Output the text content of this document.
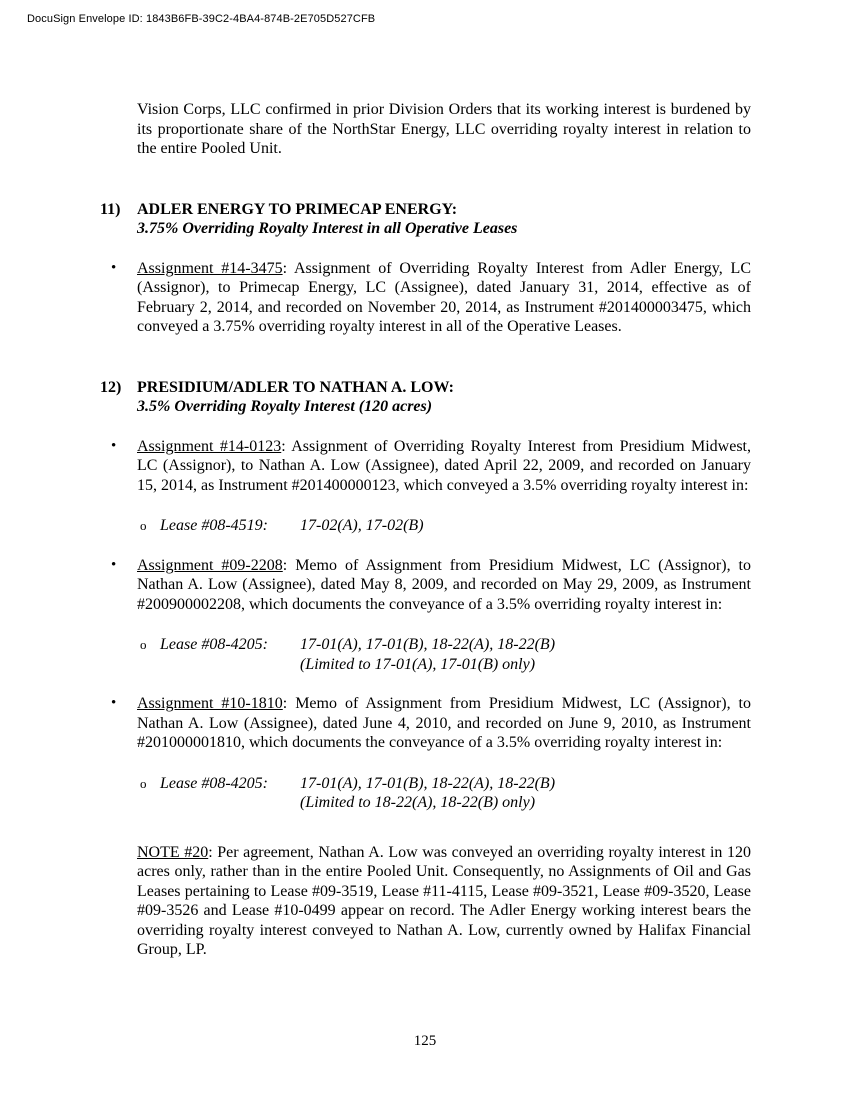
DocuSign Envelope ID: 1843B6FB-39C2-4BA4-874B-2E705D527CFB

Vision Corps, LLC confirmed in prior Division Orders that its working interest is burdened by its proportionate share of the NorthStar Energy, LLC overriding royalty interest in relation to the entire Pooled Unit.

11)	ADLER ENERGY TO PRIMECAP ENERGY:
3.75% Overriding Royalty Interest in all Operative Leases
•	Assignment #14-3475: Assignment of Overriding Royalty Interest from Adler Energy, LC (Assignor), to Primecap Energy, LC (Assignee), dated January 31, 2014, effective as of February 2, 2014, and recorded on November 20, 2014, as Instrument #201400003475, which conveyed a 3.75% overriding royalty interest in all of the Operative Leases.

12) PRESIDIUM/ADLER TO NATHAN A. LOW:
3.5% Overriding Royalty Interest (120 acres)
•	Assignment #14-0123: Assignment of Overriding Royalty Interest from Presidium Midwest, LC (Assignor), to Nathan A. Low (Assignee), dated April 22, 2009, and recorded on January 15, 2014, as Instrument #201400000123, which conveyed a 3.5% overriding royalty interest in:

o Lease #08-4519:	17-02(A), 17-02(B)
•	Assignment #09-2208: Memo of Assignment from Presidium Midwest, LC (Assignor), to Nathan A. Low (Assignee), dated May 8, 2009, and recorded on May 29, 2009, as Instrument #200900002208, which documents the conveyance of a 3.5% overriding royalty interest in:

o Lease #08-4205:	17-01(A), 17-01(B), 18-22(A), 18-22(B)
(Limited to 17-01(A), 17-01(B) only)
•	Assignment #10-1810: Memo of Assignment from Presidium Midwest, LC (Assignor), to Nathan A. Low (Assignee), dated June 4, 2010, and recorded on June 9, 2010, as Instrument #201000001810, which documents the conveyance of a 3.5% overriding royalty interest in:

o Lease #08-4205:	17-01(A), 17-01(B), 18-22(A), 18-22(B)
(Limited to 18-22(A), 18-22(B) only)

NOTE #20: Per agreement, Nathan A. Low was conveyed an overriding royalty interest in 120 acres only, rather than in the entire Pooled Unit. Consequently, no Assignments of Oil and Gas Leases pertaining to Lease #09-3519, Lease #11-4115, Lease #09-3521, Lease #09-3520, Lease #09-3526 and Lease #10-0499 appear on record. The Adler Energy working interest bears the overriding royalty interest conveyed to Nathan A. Low, currently owned by Halifax Financial Group, LP.

125
